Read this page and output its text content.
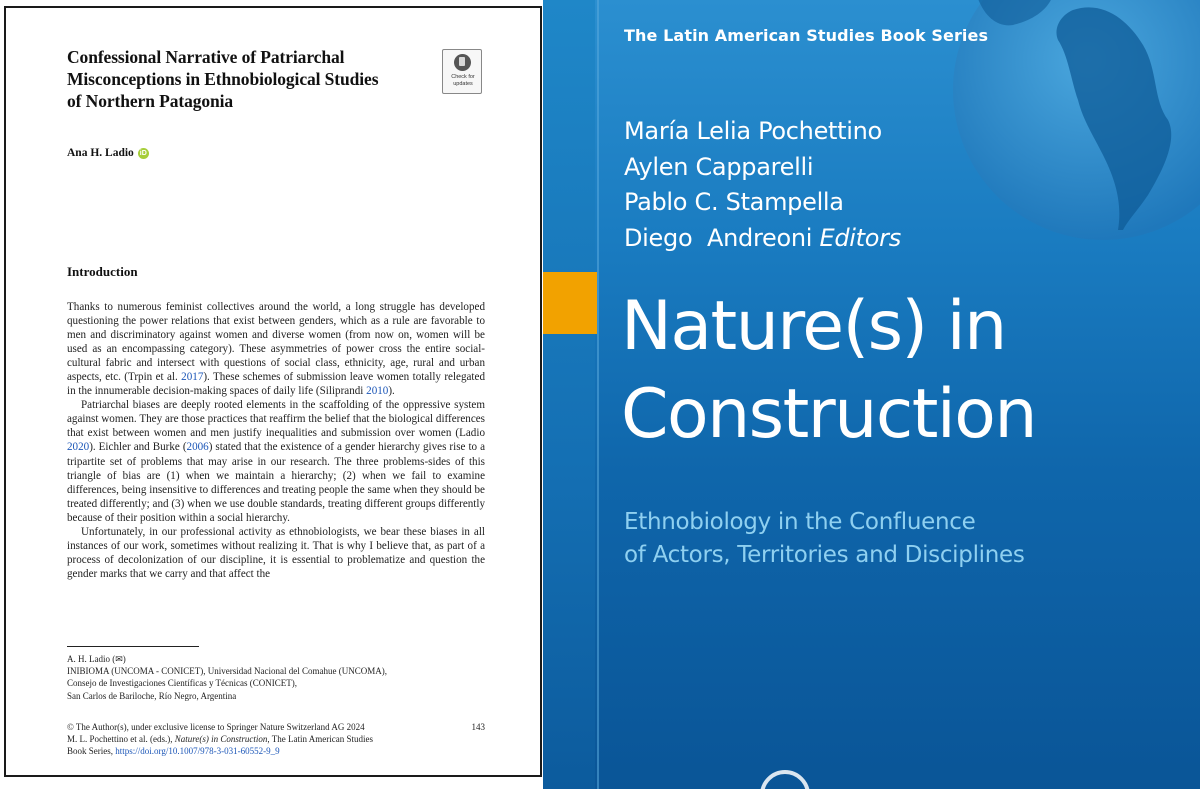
Confessional Narrative of Patriarchal
Misconceptions in Ethnobiological Studies
of Northern Patagonia
Check for
updates
Ana H. Ladio iD
Introduction

Thanks to numerous feminist collectives around the world, a long struggle has developed questioning the power relations that exist between genders, which as a rule are favorable to men and discriminatory against women and diverse women (from now on, women will be used as an encompassing category). These asymmetries of power cross the entire social-cultural fabric and intersect with questions of social class, ethnicity, age, rural and urban aspects, etc. (Trpin et al. 2017). These schemes of submission leave women totally relegated in the innumerable decision-making spaces of daily life (Siliprandi 2010).

Patriarchal biases are deeply rooted elements in the scaffolding of the oppressive system against women. They are those practices that reaffirm the belief that the biological differences that exist between women and men justify inequalities and submission over women (Ladio 2020). Eichler and Burke (2006) stated that the existence of a gender hierarchy gives rise to a tripartite set of problems that may arise in our research. The three problems-sides of this triangle of bias are (1) when we maintain a hierarchy; (2) when we fail to examine differences, being insensitive to differences and treating people the same when they should be treated differently; and (3) when we use double standards, treating different groups differently because of their position within a social hierarchy.

Unfortunately, in our professional activity as ethnobiologists, we bear these biases in all instances of our work, sometimes without realizing it. That is why I believe that, as part of a process of decolonization of our discipline, it is essential to problematize and question the gender marks that we carry and that affect the

A. H. Ladio (✉)
INIBIOMA (UNCOMA - CONICET), Universidad Nacional del Comahue (UNCOMA),
Consejo de Investigaciones Científicas y Técnicas (CONICET),
San Carlos de Bariloche, Río Negro, Argentina
© The Author(s), under exclusive license to Springer Nature Switzerland AG 2024	143
M. L. Pochettino et al. (eds.), Nature(s) in Construction, The Latin American Studies
Book Series, https://doi.org/10.1007/978-3-031-60552-9_9
The Latin American Studies Book Series
María Lelia Pochettino
Aylen Capparelli
Pablo C. Stampella
Diego  Andreoni Editors
Nature(s) in
Construction
Ethnobiology in the Confluence
of Actors, Territories and Disciplines
